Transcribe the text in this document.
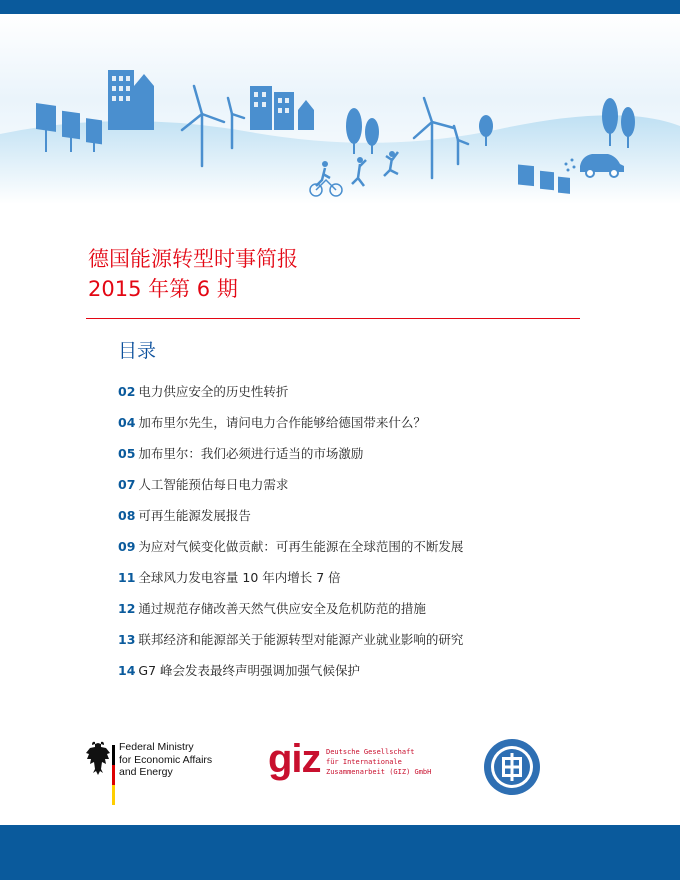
德国能源转型时事简报
2015 年第 6 期
目录
02 电力供应安全的历史性转折
04 加布里尔先生，请问电力合作能够给德国带来什么？
05 加布里尔：我们必须进行适当的市场激励
07 人工智能预估每日电力需求
08 可再生能源发展报告
09 为应对气候变化做贡献：可再生能源在全球范围的不断发展
11 全球风力发电容量 10 年内增长 7 倍
12 通过规范存储改善天然气供应安全及危机防范的措施
13 联邦经济和能源部关于能源转型对能源产业就业影响的研究
14 G7 峰会发表最终声明强调加强气候保护
Federal Ministry
for Economic Affairs
and Energy	giz Deutsche Gesellschaft
für Internationale
Zusammenarbeit (GIZ) GmbH
